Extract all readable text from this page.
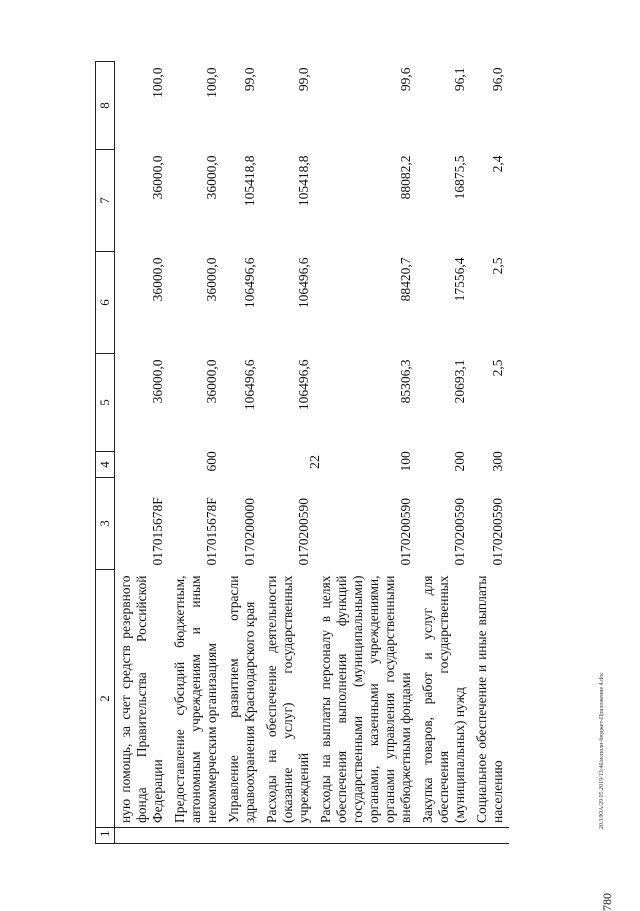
22
20.3/ЮА/29 05.2019/13:46/исполн-бюджет-Приложение 4.doc
780
1	2	3	4	5	6	7	8
	ную помощь, за счет средств резервного фонда Правительства Российской Федерации	017015678F		36000,0	36000,0	36000,0	100,0
	Предоставление субсидий бюджетным, автономным учреждениям и иным некоммерческим организациям	017015678F	600	36000,0	36000,0	36000,0	100,0
	Управление развитием отрасли здравоохранения Краснодарского края	0170200000		106496,6	106496,6	105418,8	99,0
	Расходы на обеспечение деятельности (оказание услуг) государственных учреждений	0170200590		106496,6	106496,6	105418,8	99,0
	Расходы на выплаты персоналу в целях обеспечения выполнения функций государственными (муниципальными) органами, казенными учреждениями, органами управления государственными внебюджетными фондами	0170200590	100	85306,3	88420,7	88082,2	99,6
	Закупка товаров, работ и услуг для обеспечения государственных (муниципальных) нужд	0170200590	200	20693,1	17556,4	16875,5	96,1
	Социальное обеспечение и иные выплаты населению	0170200590	300	2,5	2,5	2,4	96,0
